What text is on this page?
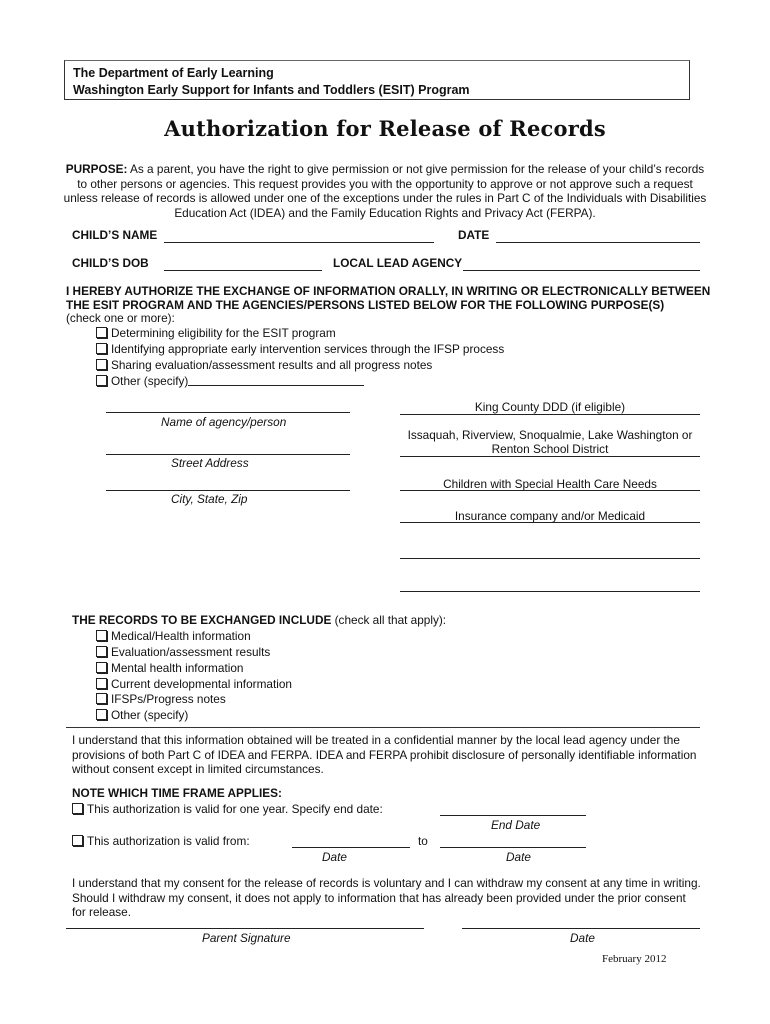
The Department of Early Learning
Washington Early Support for Infants and Toddlers (ESIT) Program
Authorization for Release of Records
PURPOSE: As a parent, you have the right to give permission or not give permission for the release of your child’s records to other persons or agencies. This request provides you with the opportunity to approve or not approve such a request unless release of records is allowed under one of the exceptions under the rules in Part C of the Individuals with Disabilities Education Act (IDEA) and the Family Education Rights and Privacy Act (FERPA).
CHILD’S NAME	DATE
CHILD’S DOB	LOCAL LEAD AGENCY
I HEREBY AUTHORIZE THE EXCHANGE OF INFORMATION ORALLY, IN WRITING OR ELECTRONICALLY BETWEEN THE ESIT PROGRAM AND THE AGENCIES/PERSONS LISTED BELOW FOR THE FOLLOWING PURPOSE(S)
(check one or more):
Determining eligibility for the ESIT program
Identifying appropriate early intervention services through the IFSP process
Sharing evaluation/assessment results and all progress notes
Other (specify)
Name of agency/person
Street Address
City, State, Zip
King County DDD (if eligible)
Issaquah, Riverview, Snoqualmie, Lake Washington or Renton School District
Children with Special Health Care Needs
Insurance company and/or Medicaid
THE RECORDS TO BE EXCHANGED INCLUDE (check all that apply):
Medical/Health information
Evaluation/assessment results
Mental health information
Current developmental information
IFSPs/Progress notes
Other (specify)
I understand that this information obtained will be treated in a confidential manner by the local lead agency under the provisions of both Part C of IDEA and FERPA. IDEA and FERPA prohibit disclosure of personally identifiable information without consent except in limited circumstances.
NOTE WHICH TIME FRAME APPLIES:
This authorization is valid for one year. Specify end date:
End Date
This authorization is valid from:	to
Date	Date
I understand that my consent for the release of records is voluntary and I can withdraw my consent at any time in writing. Should I withdraw my consent, it does not apply to information that has already been provided under the prior consent for release.
Parent Signature	Date
February 2012
